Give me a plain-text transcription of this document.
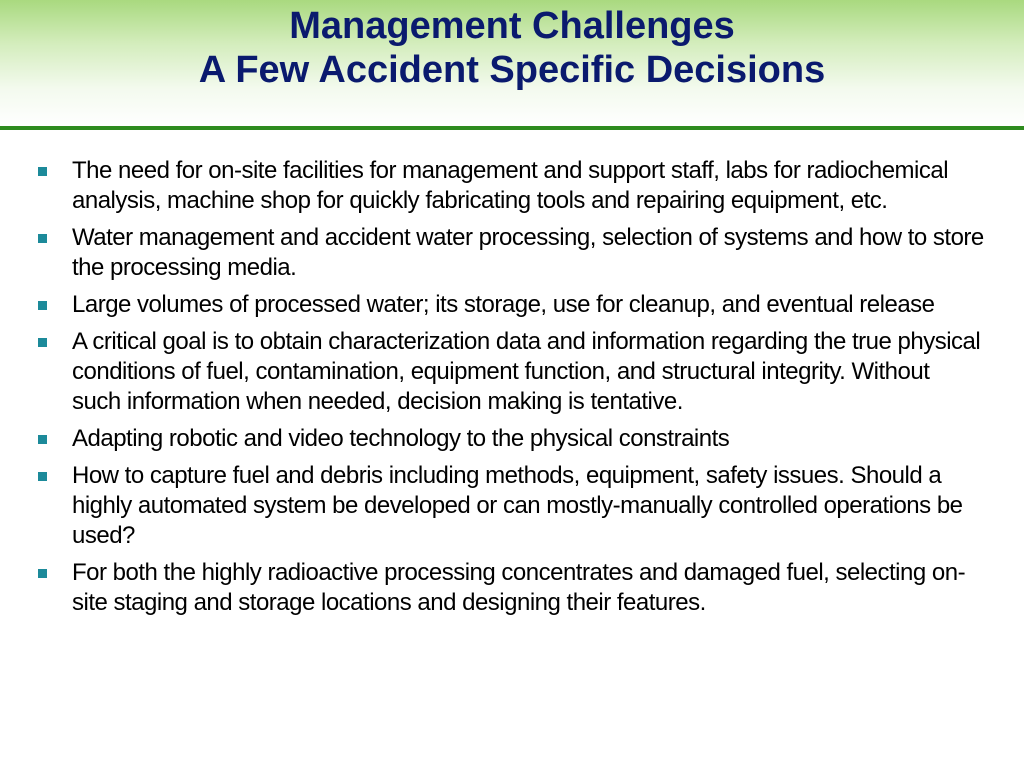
Management Challenges
A Few Accident Specific Decisions
The need for on-site facilities for management and support staff, labs for radiochemical analysis, machine shop for quickly fabricating tools and repairing equipment, etc.
Water management and accident water processing, selection of systems and how to store the processing media.
Large volumes of processed water; its storage, use for cleanup, and eventual release
A critical goal is to obtain characterization data and information regarding the true physical conditions of fuel, contamination, equipment function, and structural integrity. Without such information when needed, decision making is tentative.
Adapting robotic and video technology to the physical constraints
How to capture fuel and debris including methods, equipment, safety issues. Should a highly automated system be developed or can mostly-manually controlled operations be used?
For both the highly radioactive processing concentrates and damaged fuel, selecting on-site staging and storage locations and designing their features.
